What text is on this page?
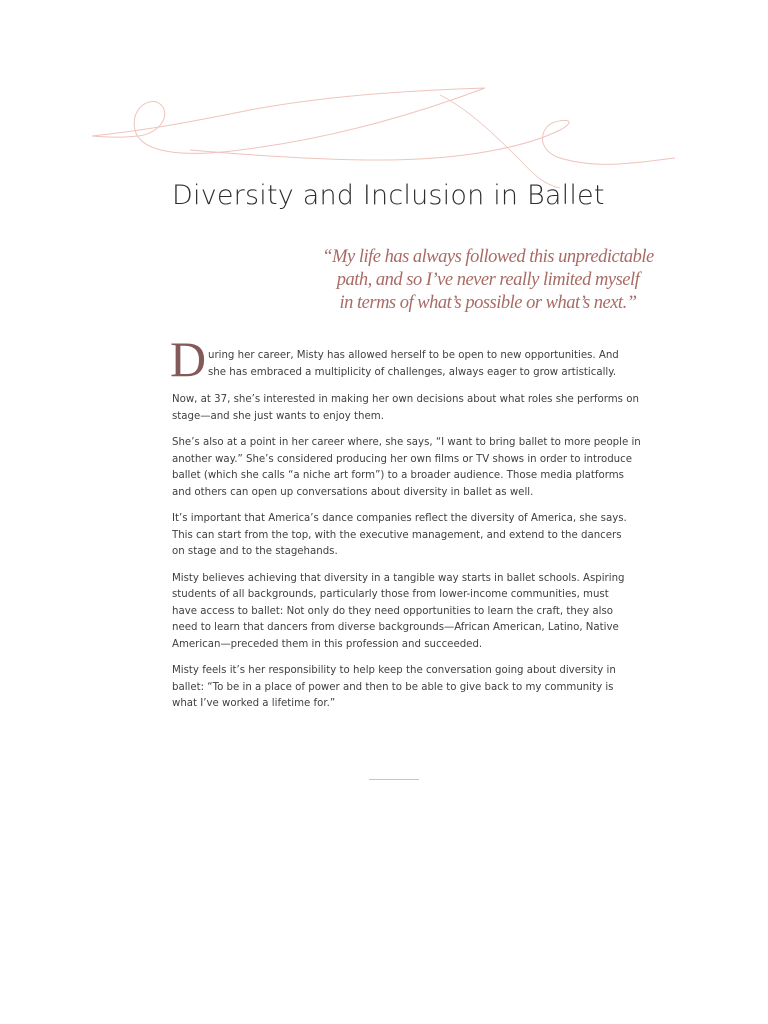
Diversity and Inclusion in Ballet
“My life has always followed this unpredictable
path, and so I’ve never really limited myself
in terms of what’s possible or what’s next.”

D uring her career, Misty has allowed herself to be open to new opportunities. And
she has embraced a multiplicity of challenges, always eager to grow artistically.

Now, at 37, she’s interested in making her own decisions about what roles she performs on
stage—and she just wants to enjoy them.

She’s also at a point in her career where, she says, “I want to bring ballet to more people in
another way.” She’s considered producing her own films or TV shows in order to introduce
ballet (which she calls “a niche art form”) to a broader audience. Those media platforms
and others can open up conversations about diversity in ballet as well.

It’s important that America’s dance companies reflect the diversity of America, she says.
This can start from the top, with the executive management, and extend to the dancers
on stage and to the stagehands.

Misty believes achieving that diversity in a tangible way starts in ballet schools. Aspiring
students of all backgrounds, particularly those from lower-income communities, must
have access to ballet: Not only do they need opportunities to learn the craft, they also
need to learn that dancers from diverse backgrounds—African American, Latino, Native
American—preceded them in this profession and succeeded.

Misty feels it’s her responsibility to help keep the conversation going about diversity in
ballet: “To be in a place of power and then to be able to give back to my community is
what I’ve worked a lifetime for.”
